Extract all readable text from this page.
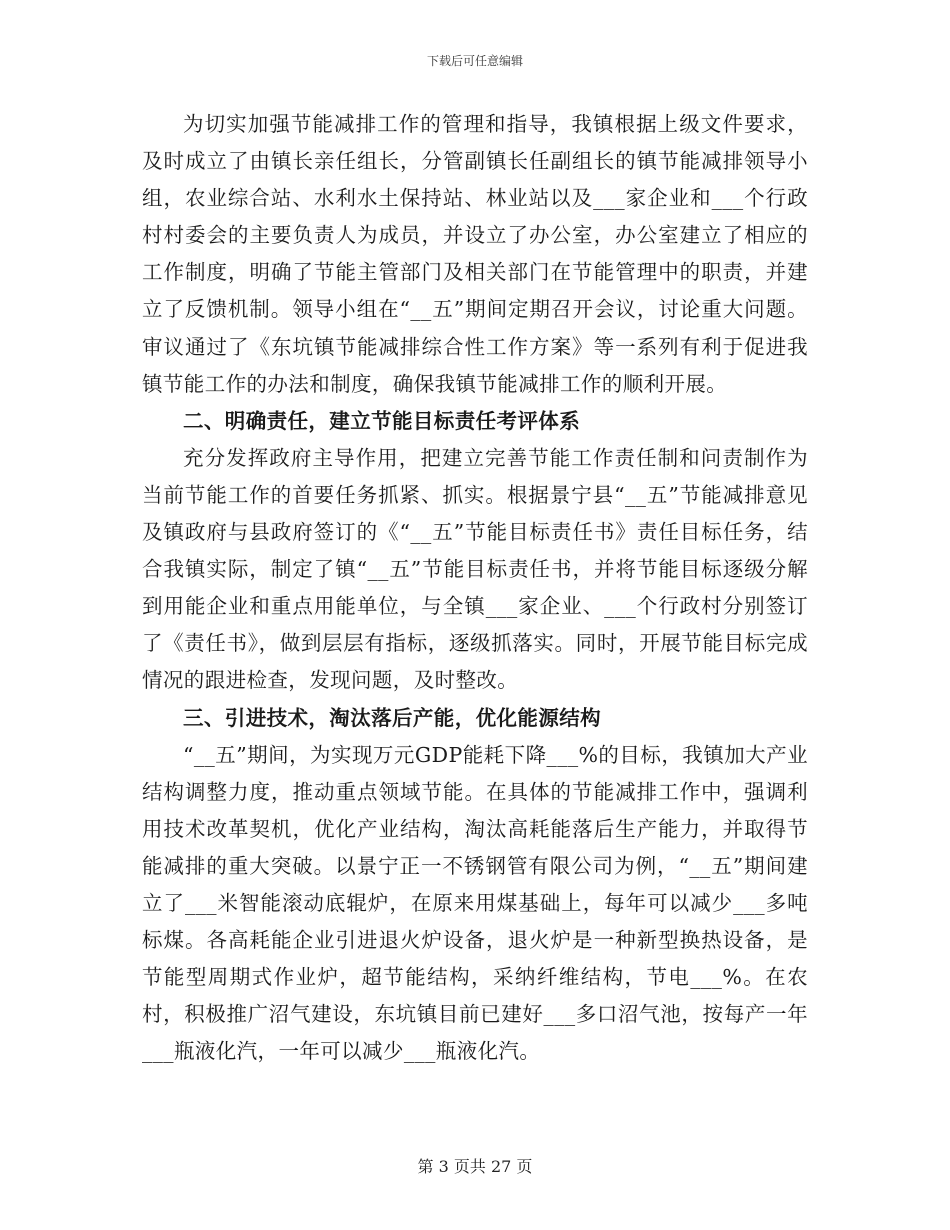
下载后可任意编辑

为切实加强节能减排工作的管理和指导，我镇根据上级文件要求，及时成立了由镇长亲任组长，分管副镇长任副组长的镇节能减排领导小组，农业综合站、水利水土保持站、林业站以及___家企业和___个行政村村委会的主要负责人为成员，并设立了办公室，办公室建立了相应的工作制度，明确了节能主管部门及相关部门在节能管理中的职责，并建立了反馈机制。领导小组在“__五”期间定期召开会议，讨论重大问题。审议通过了《东坑镇节能减排综合性工作方案》等一系列有利于促进我镇节能工作的办法和制度，确保我镇节能减排工作的顺利开展。

二、明确责任，建立节能目标责任考评体系

充分发挥政府主导作用，把建立完善节能工作责任制和问责制作为当前节能工作的首要任务抓紧、抓实。根据景宁县“__五”节能减排意见及镇政府与县政府签订的《“__五”节能目标责任书》责任目标任务，结合我镇实际，制定了镇“__五”节能目标责任书，并将节能目标逐级分解到用能企业和重点用能单位，与全镇___家企业、___个行政村分别签订了《责任书》，做到层层有指标，逐级抓落实。同时，开展节能目标完成情况的跟进检查，发现问题，及时整改。

三、引进技术，淘汰落后产能，优化能源结构

“__五”期间，为实现万元GDP能耗下降___%的目标，我镇加大产业结构调整力度，推动重点领域节能。在具体的节能减排工作中，强调利用技术改革契机，优化产业结构，淘汰高耗能落后生产能力，并取得节能减排的重大突破。以景宁正一不锈钢管有限公司为例，“__五”期间建立了___米智能滚动底辊炉，在原来用煤基础上，每年可以减少___多吨标煤。各高耗能企业引进退火炉设备，退火炉是一种新型换热设备，是节能型周期式作业炉，超节能结构，采纳纤维结构，节电___%。在农村，积极推广沼气建设，东坑镇目前已建好___多口沼气池，按每产一年___瓶液化汽，一年可以减少___瓶液化汽。

第 3 页共 27 页
